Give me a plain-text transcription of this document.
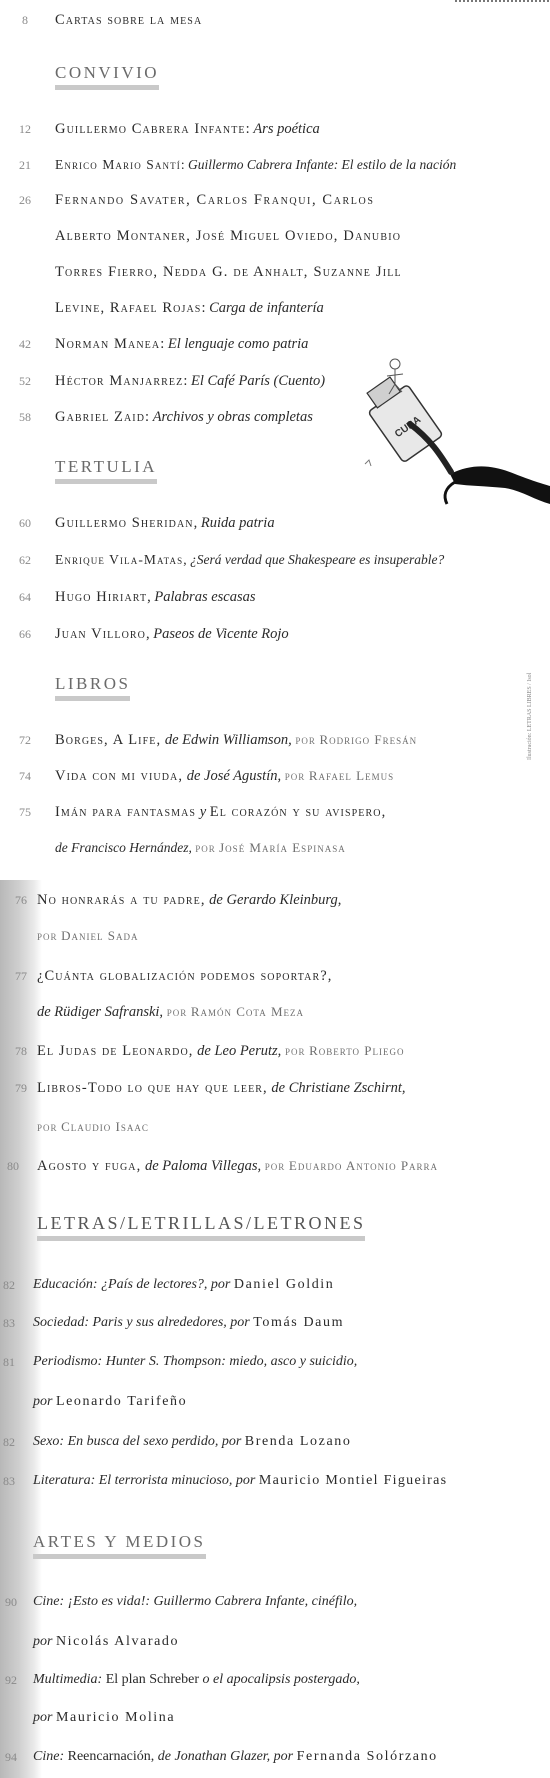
8	Cartas sobre la mesa
CONVIVIO
12	Guillermo Cabrera Infante: Ars poética
21	Enrico Mario Santí: Guillermo Cabrera Infante: El estilo de la nación
26	Fernando Savater, Carlos Franqui, Carlos
Alberto Montaner, José Miguel Oviedo, Danubio
Torres Fierro, Nedda G. de Anhalt, Suzanne Jill
Levine, Rafael Rojas: Carga de infantería
42	Norman Manea: El lenguaje como patria
52	Héctor Manjarrez: El Café París (Cuento)
58	Gabriel Zaid: Archivos y obras completas	CUBA
TERTULIA
60	Guillermo Sheridan, Ruida patria
62	Enrique Vila-Matas, ¿Será verdad que Shakespeare es insuperable?
64	Hugo Hiriart, Palabras escasas
66	Juan Villoro, Paseos de Vicente Rojo
LIBROS
72	Borges, A Life, de Edwin Williamson, por Rodrigo Fresán
74	Vida con mi viuda, de José Agustín, por Rafael Lemus
75	Imán para fantasmas y El corazón y su avispero,
de Francisco Hernández, por José María Espinasa
76 No honrarás a tu padre, de Gerardo Kleinburg,
por Daniel Sada
77 ¿Cuánta globalización podemos soportar?,
de Rüdiger Safranski, por Ramón Cota Meza
78 El Judas de Leonardo, de Leo Perutz, por Roberto Pliego
79 Libros-Todo lo que hay que leer, de Christiane Zschirnt,
por Claudio Isaac
80	Agosto y fuga, de Paloma Villegas, por Eduardo Antonio Parra
LETRAS/LETRILLAS/LETRONES
82	Educación: ¿País de lectores?, por Daniel Goldin
83	Sociedad: Paris y sus alrededores, por Tomás Daum
81	Periodismo: Hunter S. Thompson: miedo, asco y suicidio,
por Leonardo Tarifeño
82	Sexo: En busca del sexo perdido, por Brenda Lozano
83	Literatura: El terrorista minucioso, por Mauricio Montiel Figueiras
ARTES Y MEDIOS
90	Cine: ¡Esto es vida!: Guillermo Cabrera Infante, cinéfilo,
por Nicolás Alvarado
92	Multimedia: El plan Schreber o el apocalipsis postergado,
por Mauricio Molina
94	Cine: Reencarnación, de Jonathan Glazer, por Fernanda Solórzano
Ilustración: LETRAS LIBRES / Isol
